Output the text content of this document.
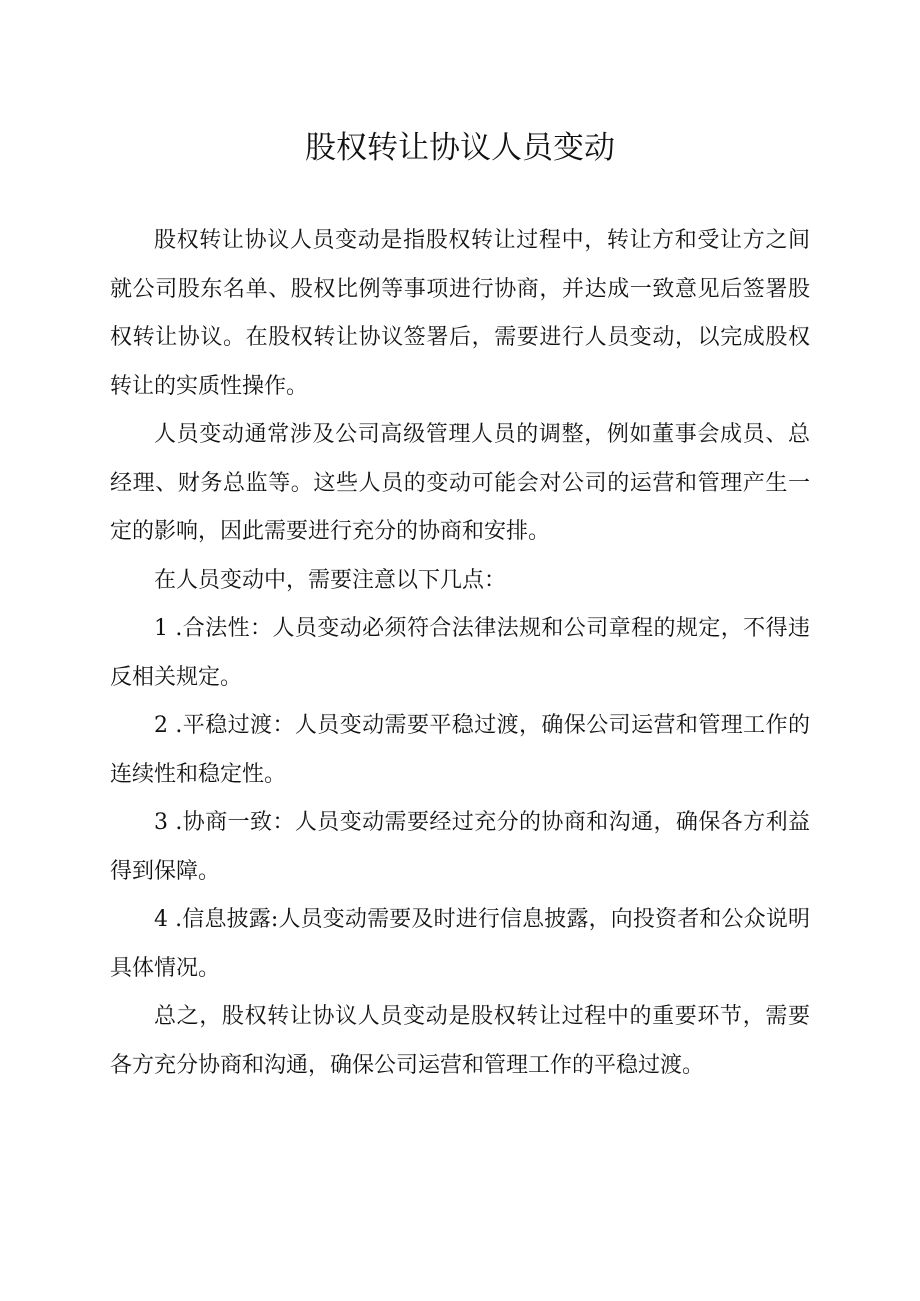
股权转让协议人员变动

股权转让协议人员变动是指股权转让过程中，转让方和受让方之间就公司股东名单、股权比例等事项进行协商，并达成一致意见后签署股权转让协议。在股权转让协议签署后，需要进行人员变动，以完成股权转让的实质性操作。

人员变动通常涉及公司高级管理人员的调整，例如董事会成员、总经理、财务总监等。这些人员的变动可能会对公司的运营和管理产生一定的影响，因此需要进行充分的协商和安排。

在人员变动中，需要注意以下几点：

1 .合法性：人员变动必须符合法律法规和公司章程的规定，不得违反相关规定。

2 .平稳过渡：人员变动需要平稳过渡，确保公司运营和管理工作的连续性和稳定性。

3 .协商一致：人员变动需要经过充分的协商和沟通，确保各方利益得到保障。

4 .信息披露:人员变动需要及时进行信息披露，向投资者和公众说明具体情况。

总之，股权转让协议人员变动是股权转让过程中的重要环节，需要各方充分协商和沟通，确保公司运营和管理工作的平稳过渡。
